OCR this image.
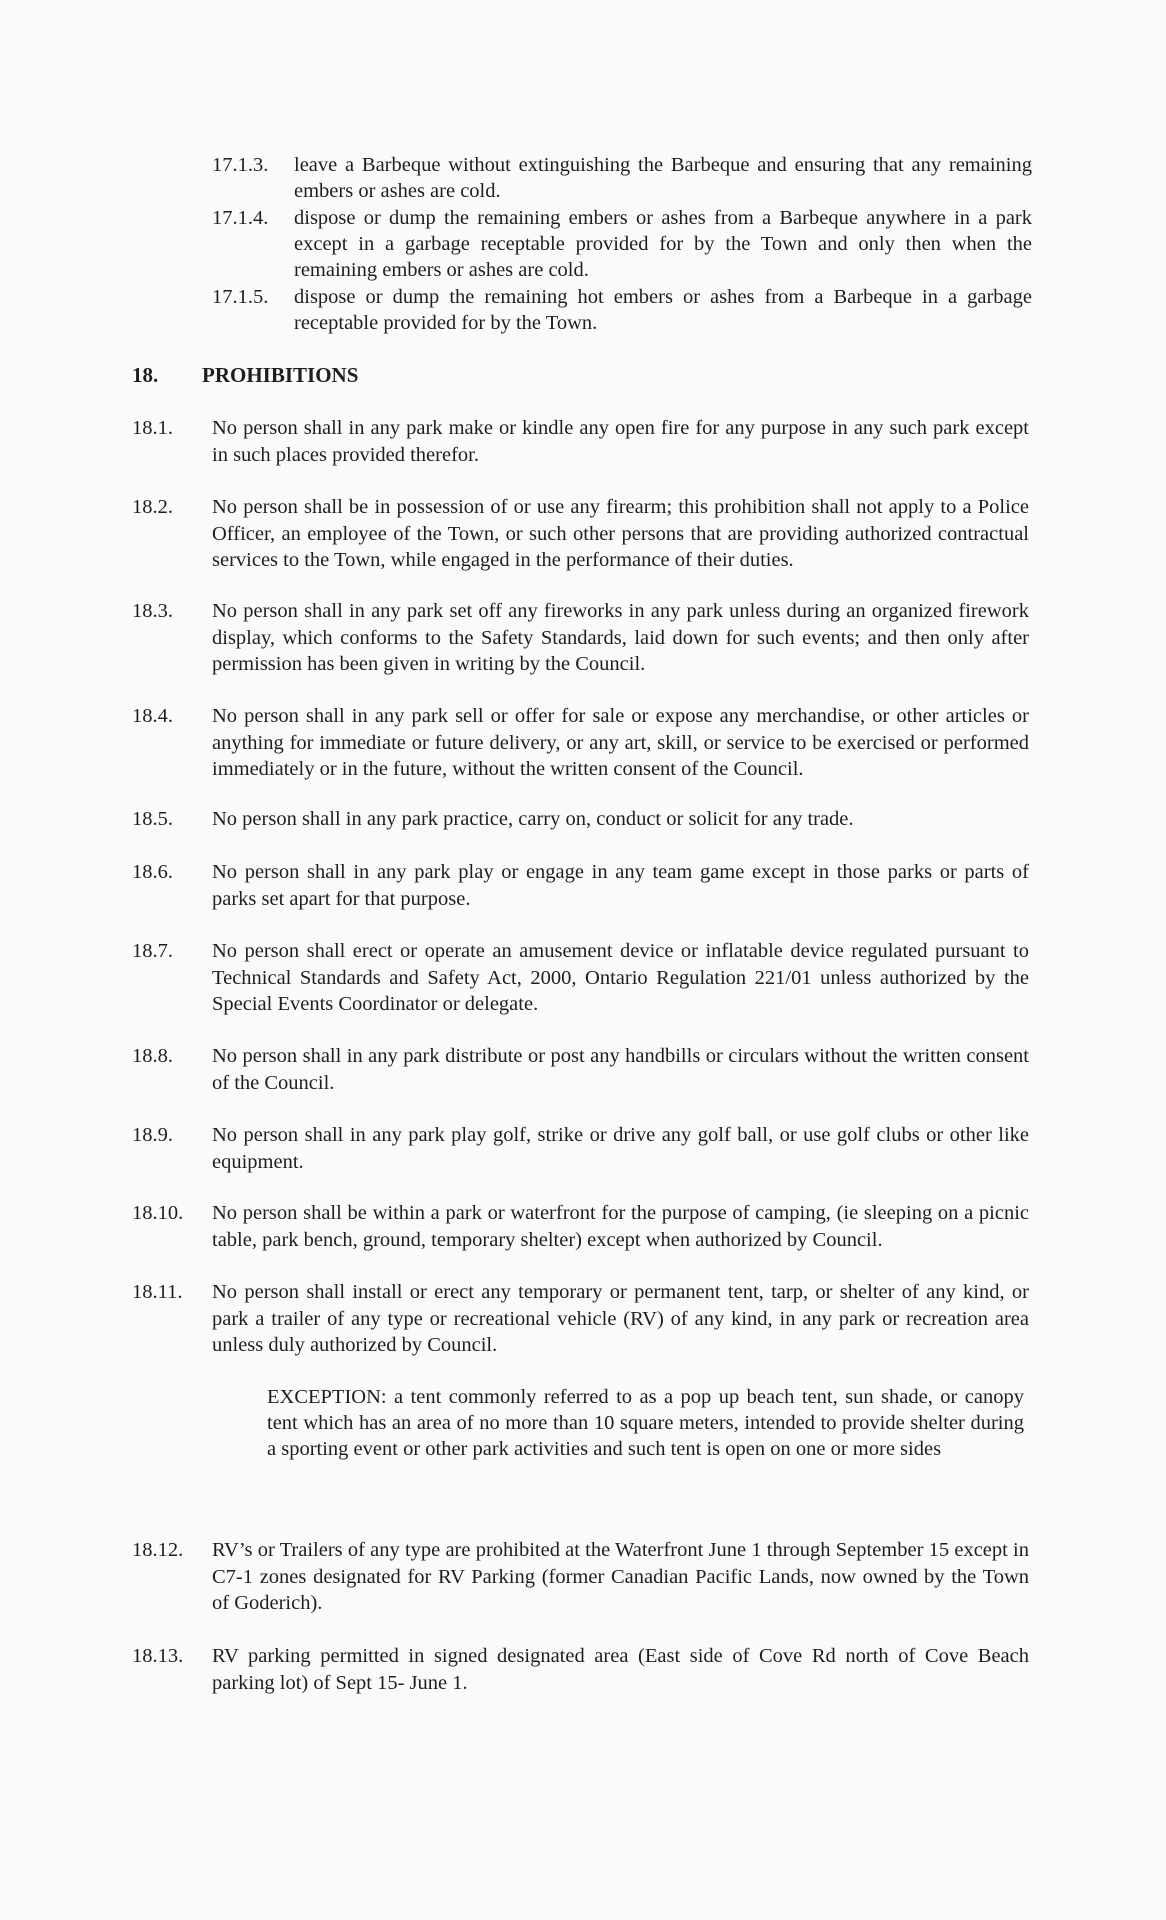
17.1.3. leave a Barbeque without extinguishing the Barbeque and ensuring that any remaining embers or ashes are cold.
17.1.4. dispose or dump the remaining embers or ashes from a Barbeque anywhere in a park except in a garbage receptable provided for by the Town and only then when the remaining embers or ashes are cold.
17.1.5. dispose or dump the remaining hot embers or ashes from a Barbeque in a garbage receptable provided for by the Town.
18. PROHIBITIONS
18.1. No person shall in any park make or kindle any open fire for any purpose in any such park except in such places provided therefor.
18.2. No person shall be in possession of or use any firearm; this prohibition shall not apply to a Police Officer, an employee of the Town, or such other persons that are providing authorized contractual services to the Town, while engaged in the performance of their duties.
18.3. No person shall in any park set off any fireworks in any park unless during an organized firework display, which conforms to the Safety Standards, laid down for such events; and then only after permission has been given in writing by the Council.
18.4. No person shall in any park sell or offer for sale or expose any merchandise, or other articles or anything for immediate or future delivery, or any art, skill, or service to be exercised or performed immediately or in the future, without the written consent of the Council.
18.5. No person shall in any park practice, carry on, conduct or solicit for any trade.
18.6. No person shall in any park play or engage in any team game except in those parks or parts of parks set apart for that purpose.
18.7. No person shall erect or operate an amusement device or inflatable device regulated pursuant to Technical Standards and Safety Act, 2000, Ontario Regulation 221/01 unless authorized by the Special Events Coordinator or delegate.
18.8. No person shall in any park distribute or post any handbills or circulars without the written consent of the Council.
18.9. No person shall in any park play golf, strike or drive any golf ball, or use golf clubs or other like equipment.
18.10. No person shall be within a park or waterfront for the purpose of camping, (ie sleeping on a picnic table, park bench, ground, temporary shelter) except when authorized by Council.
18.11. No person shall install or erect any temporary or permanent tent, tarp, or shelter of any kind, or park a trailer of any type or recreational vehicle (RV) of any kind, in any park or recreation area unless duly authorized by Council.
EXCEPTION: a tent commonly referred to as a pop up beach tent, sun shade, or canopy tent which has an area of no more than 10 square meters, intended to provide shelter during a sporting event or other park activities and such tent is open on one or more sides
18.12. RV’s or Trailers of any type are prohibited at the Waterfront June 1 through September 15 except in C7-1 zones designated for RV Parking (former Canadian Pacific Lands, now owned by the Town of Goderich).
18.13. RV parking permitted in signed designated area (East side of Cove Rd north of Cove Beach parking lot) of Sept 15- June 1.
